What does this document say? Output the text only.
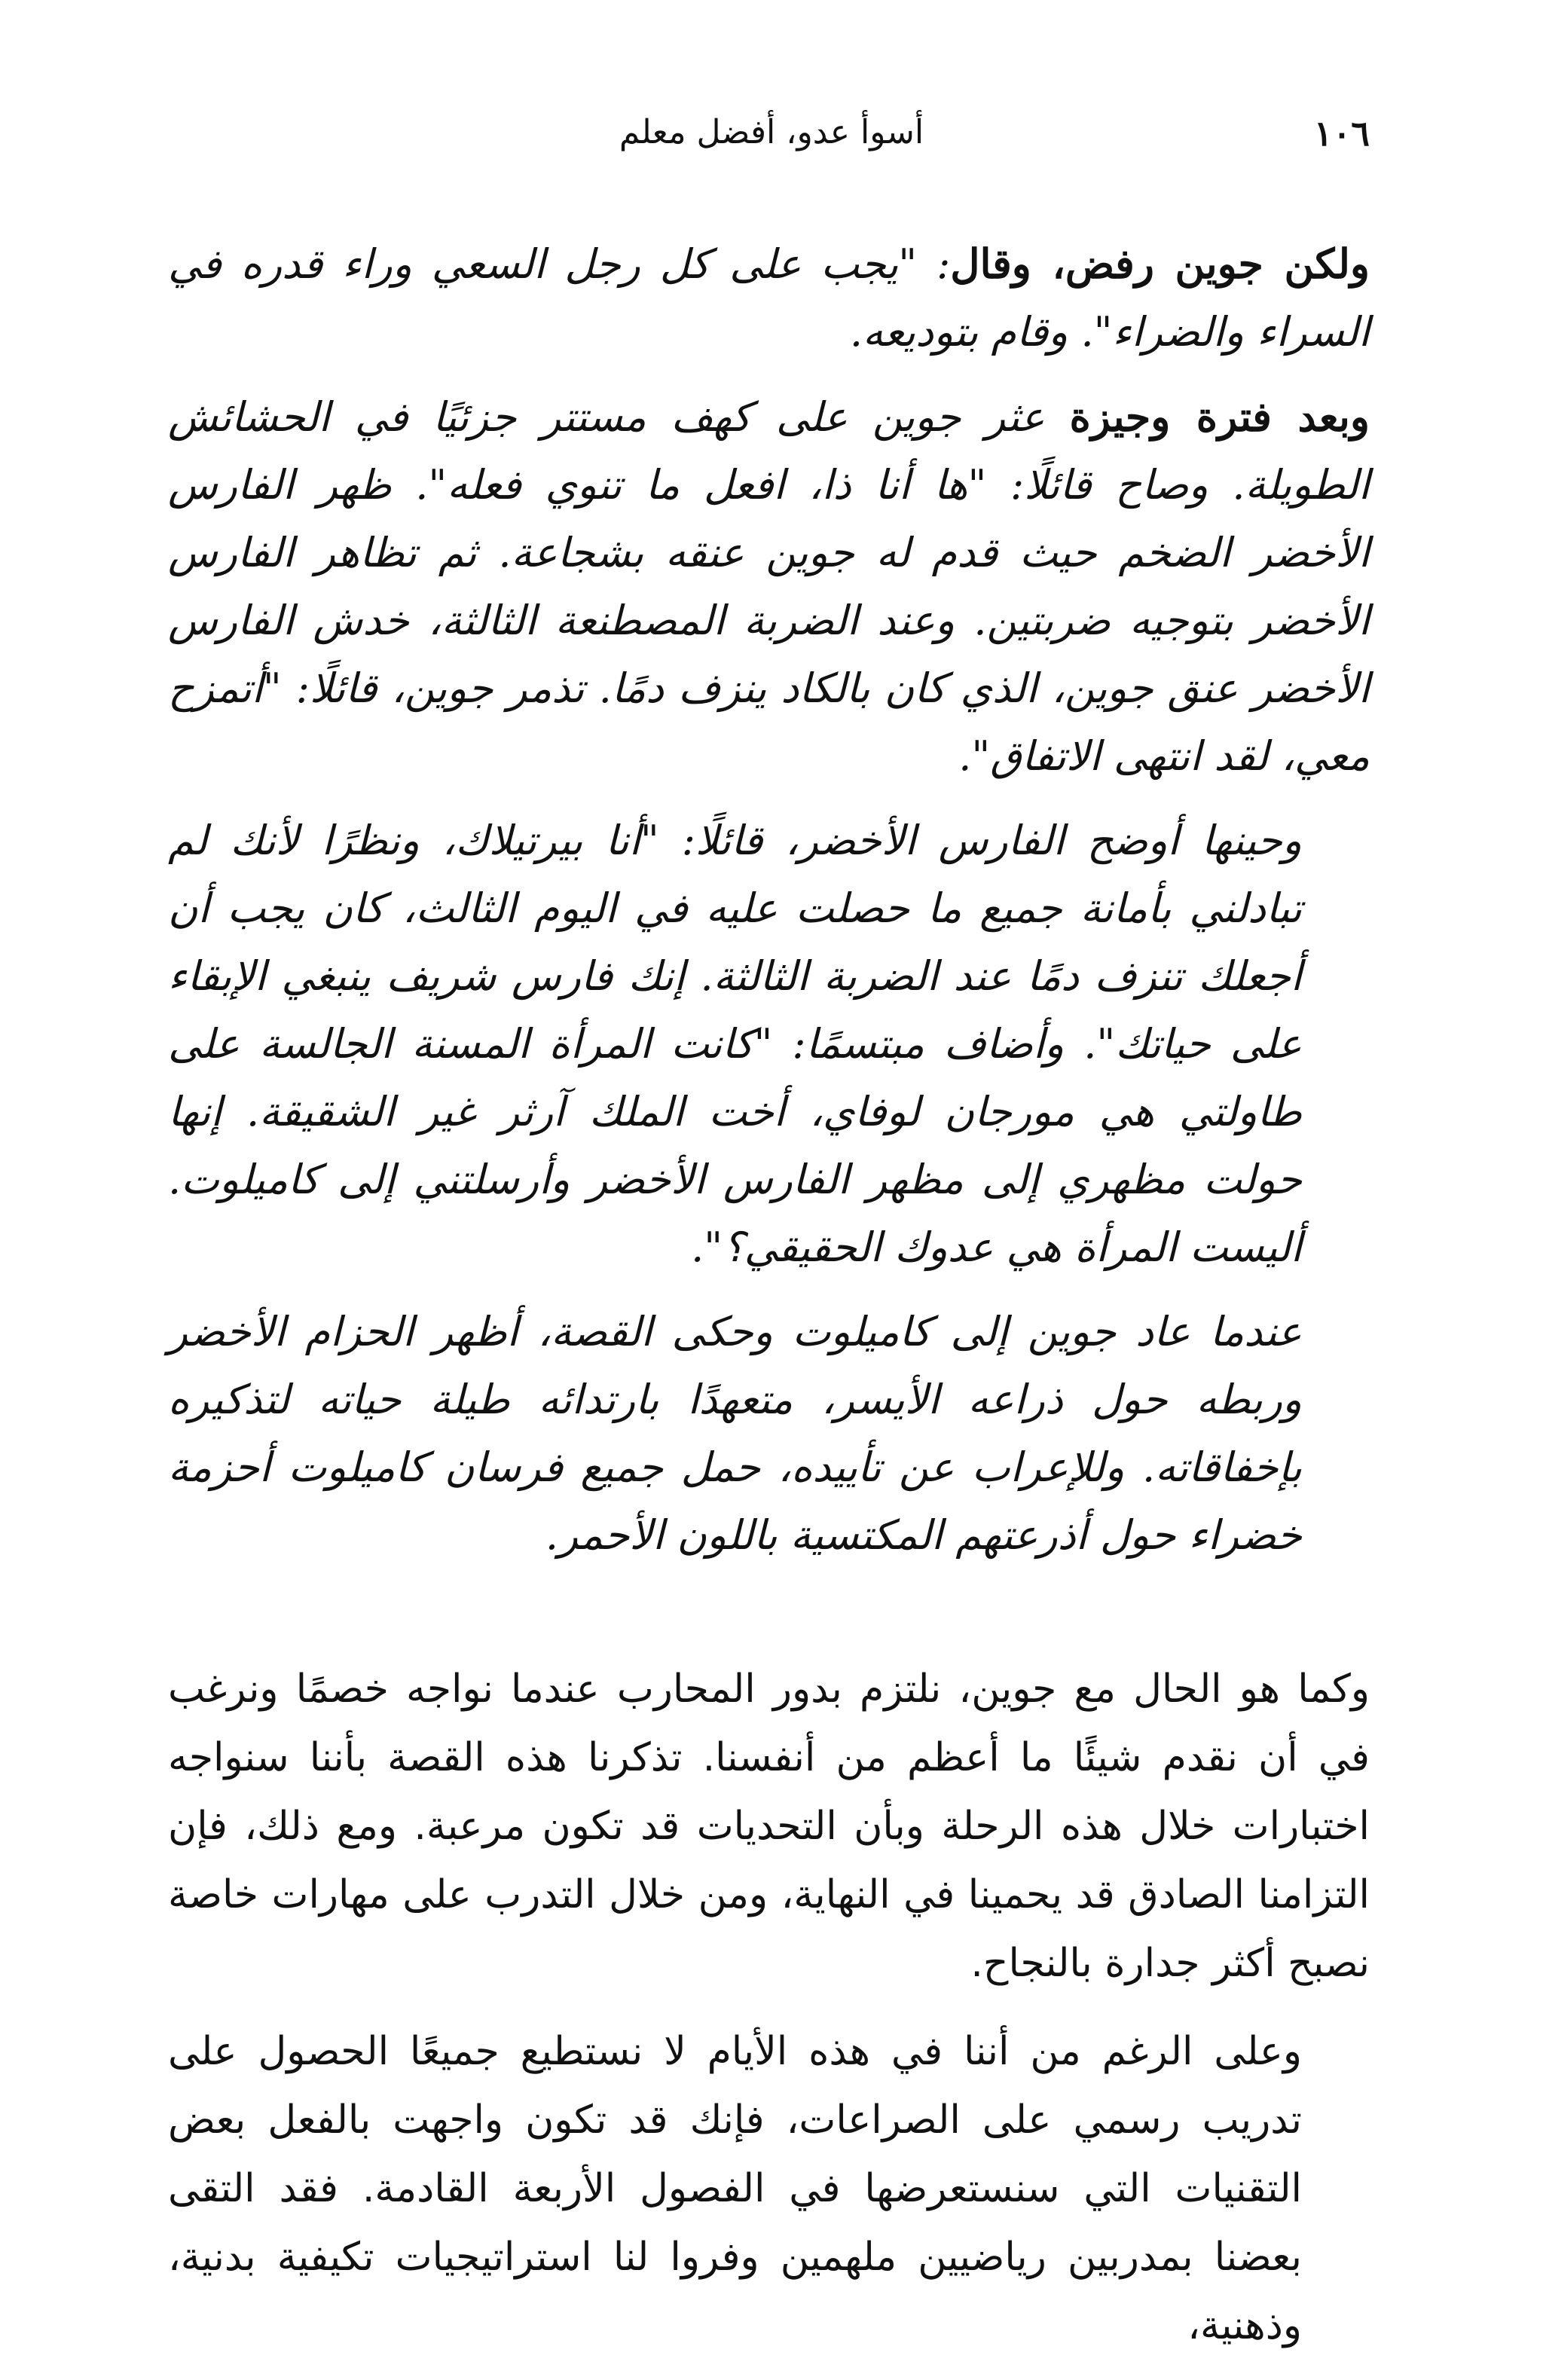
١٠٦
أسوأ عدو، أفضل معلم

ولكن جوين رفض، وقال: "يجب على كل رجل السعي وراء قدره في السراء والضراء". وقام بتوديعه.

وبعد فترة وجيزة عثر جوين على كهف مستتر جزئيًا في الحشائش الطويلة. وصاح قائلًا: "ها أنا ذا، افعل ما تنوي فعله". ظهر الفارس الأخضر الضخم حيث قدم له جوين عنقه بشجاعة. ثم تظاهر الفارس الأخضر بتوجيه ضربتين. وعند الضربة المصطنعة الثالثة، خدش الفارس الأخضر عنق جوين، الذي كان بالكاد ينزف دمًا. تذمر جوين، قائلًا: "أتمزح معي، لقد انتهى الاتفاق".

وحينها أوضح الفارس الأخضر، قائلًا: "أنا بيرتيلاك، ونظرًا لأنك لم تبادلني بأمانة جميع ما حصلت عليه في اليوم الثالث، كان يجب أن أجعلك تنزف دمًا عند الضربة الثالثة. إنك فارس شريف ينبغي الإبقاء على حياتك". وأضاف مبتسمًا: "كانت المرأة المسنة الجالسة على طاولتي هي مورجان لوفاي، أخت الملك آرثر غير الشقيقة. إنها حولت مظهري إلى مظهر الفارس الأخضر وأرسلتني إلى كاميلوت. أليست المرأة هي عدوك الحقيقي؟".

عندما عاد جوين إلى كاميلوت وحكى القصة، أظهر الحزام الأخضر وربطه حول ذراعه الأيسر، متعهدًا بارتدائه طيلة حياته لتذكيره بإخفاقاته. وللإعراب عن تأييده، حمل جميع فرسان كاميلوت أحزمة خضراء حول أذرعتهم المكتسية باللون الأحمر.

وكما هو الحال مع جوين، نلتزم بدور المحارب عندما نواجه خصمًا ونرغب في أن نقدم شيئًا ما أعظم من أنفسنا. تذكرنا هذه القصة بأننا سنواجه اختبارات خلال هذه الرحلة وبأن التحديات قد تكون مرعبة. ومع ذلك، فإن التزامنا الصادق قد يحمينا في النهاية، ومن خلال التدرب على مهارات خاصة نصبح أكثر جدارة بالنجاح.

وعلى الرغم من أننا في هذه الأيام لا نستطيع جميعًا الحصول على تدريب رسمي على الصراعات، فإنك قد تكون واجهت بالفعل بعض التقنيات التي سنستعرضها في الفصول الأربعة القادمة. فقد التقى بعضنا بمدربين رياضيين ملهمين وفروا لنا استراتيجيات تكيفية بدنية، وذهنية،
